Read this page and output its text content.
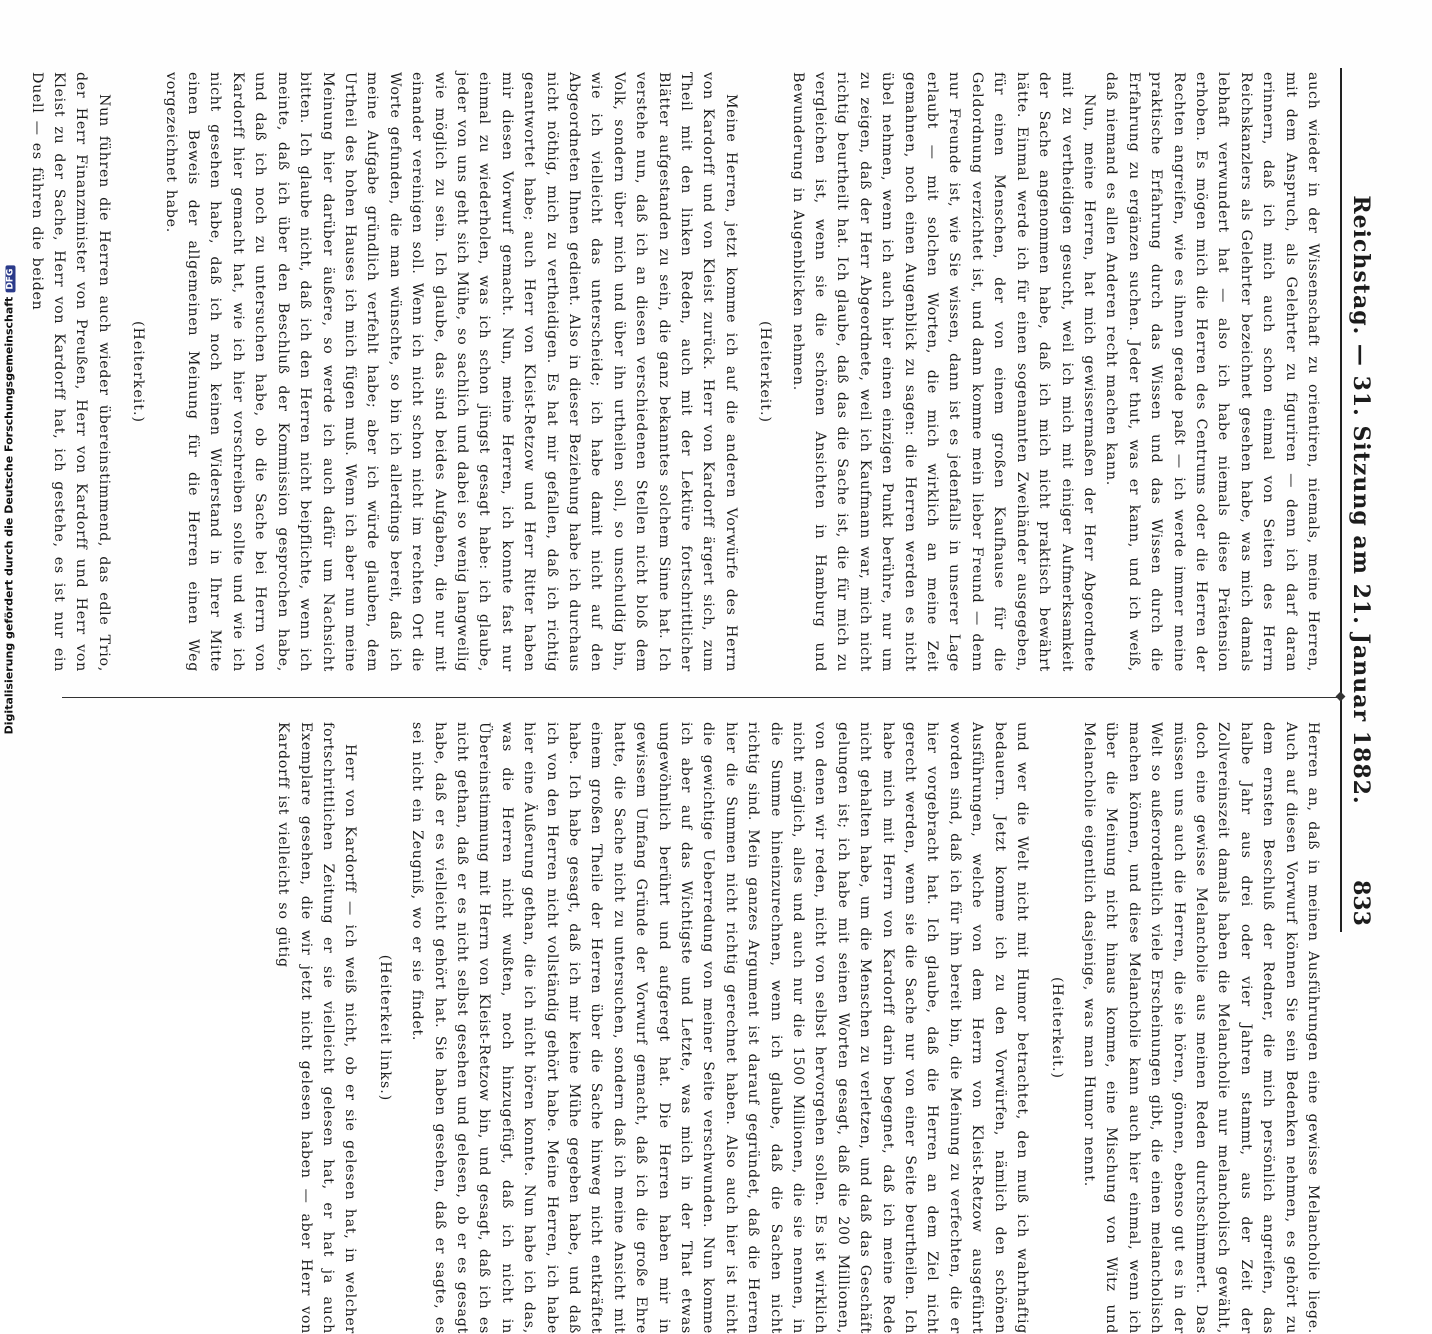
Digitalisierung gefördert durch die Deutsche ForschungsgemeinschaftDFG	Reichstag. — 31. Sitzung am 21. Januar 1882.
833

auch wieder in der Wissenschaft zu orientiren, niemals, meine Herren, mit dem Anspruch, als Gelehrter zu figuriren — denn ich darf daran erinnern, daß ich mich auch schon einmal von Seiten des Herrn Reichskanzlers als Gelehrter bezeichnet gesehen habe, was mich damals lebhaft verwundert hat — also ich habe niemals diese Prätension erhoben. Es mögen mich die Herren des Centrums oder die Herren der Rechten angreifen, wie es ihnen gerade paßt — ich werde immer meine praktische Erfahrung durch das Wissen und das Wissen durch die Erfahrung zu ergänzen suchen. Jeder thut, was er kann, und ich weiß, daß niemand es allen Anderen recht machen kann.

Nun, meine Herren, hat mich gewissermaßen der Herr Abgeordnete mit zu vertheidigen gesucht, weil ich mich mit einiger Aufmerksamkeit der Sache angenommen habe, daß ich mich nicht praktisch bewährt hätte. Einmal werde ich für einen sogenannten Zweihänder ausgegeben, für einen Menschen, der von einem großen Kaufhause für die Geldordnung verzichtet ist, und dann komme mein lieber Freund — denn nur Freunde ist, wie Sie wissen, dann ist es jedenfalls in unserer Lage erlaubt — mit solchen Worten, die mich wirklich an meine Zeit gemahnen, noch einen Augenblick zu sagen: die Herren werden es nicht übel nehmen, wenn ich auch hier einen einzigen Punkt berühre, nur um zu zeigen, daß der Herr Abgeordnete, weil ich Kaufmann war, mich nicht richtig beurtheilt hat. Ich glaube, daß das die Sache ist, die für mich zu vergleichen ist, wenn sie die schönen Ansichten in Hamburg und Bewunderung in Augenblicken nehmen.

(Heiterkeit.)

Meine Herren, jetzt komme ich auf die anderen Vorwürfe des Herrn von Kardorff und von Kleist zurück. Herr von Kardorff ärgert sich, zum Theil mit den linken Reden, auch mit der Lektüre fortschrittlicher Blätter aufgestanden zu sein, die ganz bekanntes solchem Sinne hat. Ich verstehe nun, daß ich an diesen verschiedenen Stellen nicht bloß dem Volk, sondern über mich und über ihn urtheilen soll, so unschuldig bin, wie ich vielleicht das unterscheide; ich habe damit nicht auf den Abgeordneten Ihnen gedient. Also in dieser Beziehung habe ich durchaus nicht nöthig, mich zu vertheidigen. Es hat mir gefallen, daß ich richtig geantwortet habe; auch Herr von Kleist-Retzow und Herr Ritter haben mir diesen Vorwurf gemacht. Nun, meine Herren, ich konnte fast nur einmal zu wiederholen, was ich schon jüngst gesagt habe: ich glaube, jeder von uns geht sich Mühe, so sachlich und dabei so wenig langweilig wie möglich zu sein. Ich glaube, das sind beides Aufgaben, die nur mit einander vereinigen soll. Wenn ich nicht schon nicht im rechten Ort die Worte gefunden, die man wünschte, so bin ich allerdings bereit, daß ich meine Aufgabe gründlich verfehlt habe; aber ich würde glauben, dem Urtheil des hohen Hauses ich mich fügen muß. Wenn ich aber nun meine Meinung hier darüber äußere, so werde ich auch dafür um Nachsicht bitten. Ich glaube nicht, daß ich den Herren nicht beipflichte, wenn ich meinte, daß ich über den Beschluß der Kommission gesprochen habe, und daß ich noch zu untersuchen habe, ob die Sache bei Herrn von Kardorff hier gemacht hat, wie ich hier vorschreiben sollte und wie ich nicht gesehen habe, daß ich noch keinen Widerstand in Ihrer Mitte einen Beweis der allgemeinen Meinung für die Herren einen Weg vorgezeichnet habe.

(Heiterkeit.)

Nun führen die Herren auch wieder übereinstimmend, das edle Trio, der Herr Finanzminister von Preußen, Herr von Kardorff und Herr von Kleist zu der Sache, Herr von Kardorff hat, ich gestehe, es ist nur ein Duell — es führen die beiden

Herren an, daß in meinen Ausführungen eine gewisse Melancholie liege. Auch auf diesen Vorwurf können Sie sein Bedenken nehmen, es gehört zu dem ernsten Beschluß der Redner, die mich persönlich angreifen, das halbe Jahr aus drei oder vier Jahren stammt, aus der Zeit der Zollvereinszeit damals haben die Melancholie nur melancholisch gewählt, doch eine gewisse Melancholie aus meinen Reden durchschimmert. Das müssen uns auch die Herren, die sie hören, gönnen, ebenso gut es in der Welt so außerordentlich viele Erscheinungen gibt, die einen melancholisch machen können, und diese Melancholie kann auch hier einmal, wenn ich über die Meinung nicht hinaus komme, eine Mischung von Witz und Melancholie eigentlich dasjenige, was man Humor nennt.

(Heiterkeit.)

und wer die Welt nicht mit Humor betrachtet, den muß ich wahrhaftig bedauern. Jetzt komme ich zu den Vorwürfen, nämlich den schönen Ausführungen, welche von dem Herrn von Kleist-Retzow ausgeführt worden sind, daß ich für ihn bereit bin, die Meinung zu verfechten, die er hier vorgebracht hat. Ich glaube, daß die Herren an dem Ziel nicht gerecht werden, wenn sie die Sache nur von einer Seite beurtheilen. Ich habe mich mit Herrn von Kardorff darin begegnet, daß ich meine Rede nicht gehalten habe, um die Menschen zu verletzen, und daß das Geschäft gelungen ist; ich habe mit seinen Worten gesagt, daß die 200 Millionen, von denen wir reden, nicht von selbst hervorgehen sollen. Es ist wirklich nicht möglich, alles und auch nur die 1500 Millionen, die sie nennen, in die Summe hineinzurechnen, wenn ich glaube, daß die Sachen nicht richtig sind. Mein ganzes Argument ist darauf gegründet, daß die Herren hier die Summen nicht richtig gerechnet haben. Also auch hier ist nicht die gewichtige Ueberredung von meiner Seite verschwunden. Nun komme ich aber auf das Wichtigste und Letzte, was mich in der That etwas ungewöhnlich berührt und aufgeregt hat. Die Herren haben mir in gewissem Umfang Gründe der Vorwurf gemacht, daß ich die große Ehre hatte, die Sache nicht zu untersuchen, sondern daß ich meine Ansicht mit einem großen Theile der Herren über die Sache hinweg nicht entkräftet habe. Ich habe gesagt, daß ich mir keine Mühe gegeben habe, und daß ich von den Herren nicht vollständig gehört habe. Meine Herren, ich habe hier eine Äußerung gethan, die ich nicht hören konnte. Nun habe ich das, was die Herren nicht wußten, noch hinzugefügt, daß ich nicht in Übereinstimmung mit Herrn von Kleist-Retzow bin, und gesagt, daß ich es nicht gethan, daß er es nicht selbst gesehen und gelesen, ob er es gesagt habe, daß er es vielleicht gehört hat. Sie haben gesehen, daß er sagte, es sei nicht ein Zeugniß, wo er sie findet.

(Heiterkeit links.)

Herr von Kardorff — ich weiß nicht, ob er sie gelesen hat, in welcher fortschrittlichen Zeitung er sie vielleicht gelesen hat, er hat ja auch Exemplare gesehen, die wir jetzt nicht gelesen haben — aber Herr von Kardorff ist vielleicht so gütig
